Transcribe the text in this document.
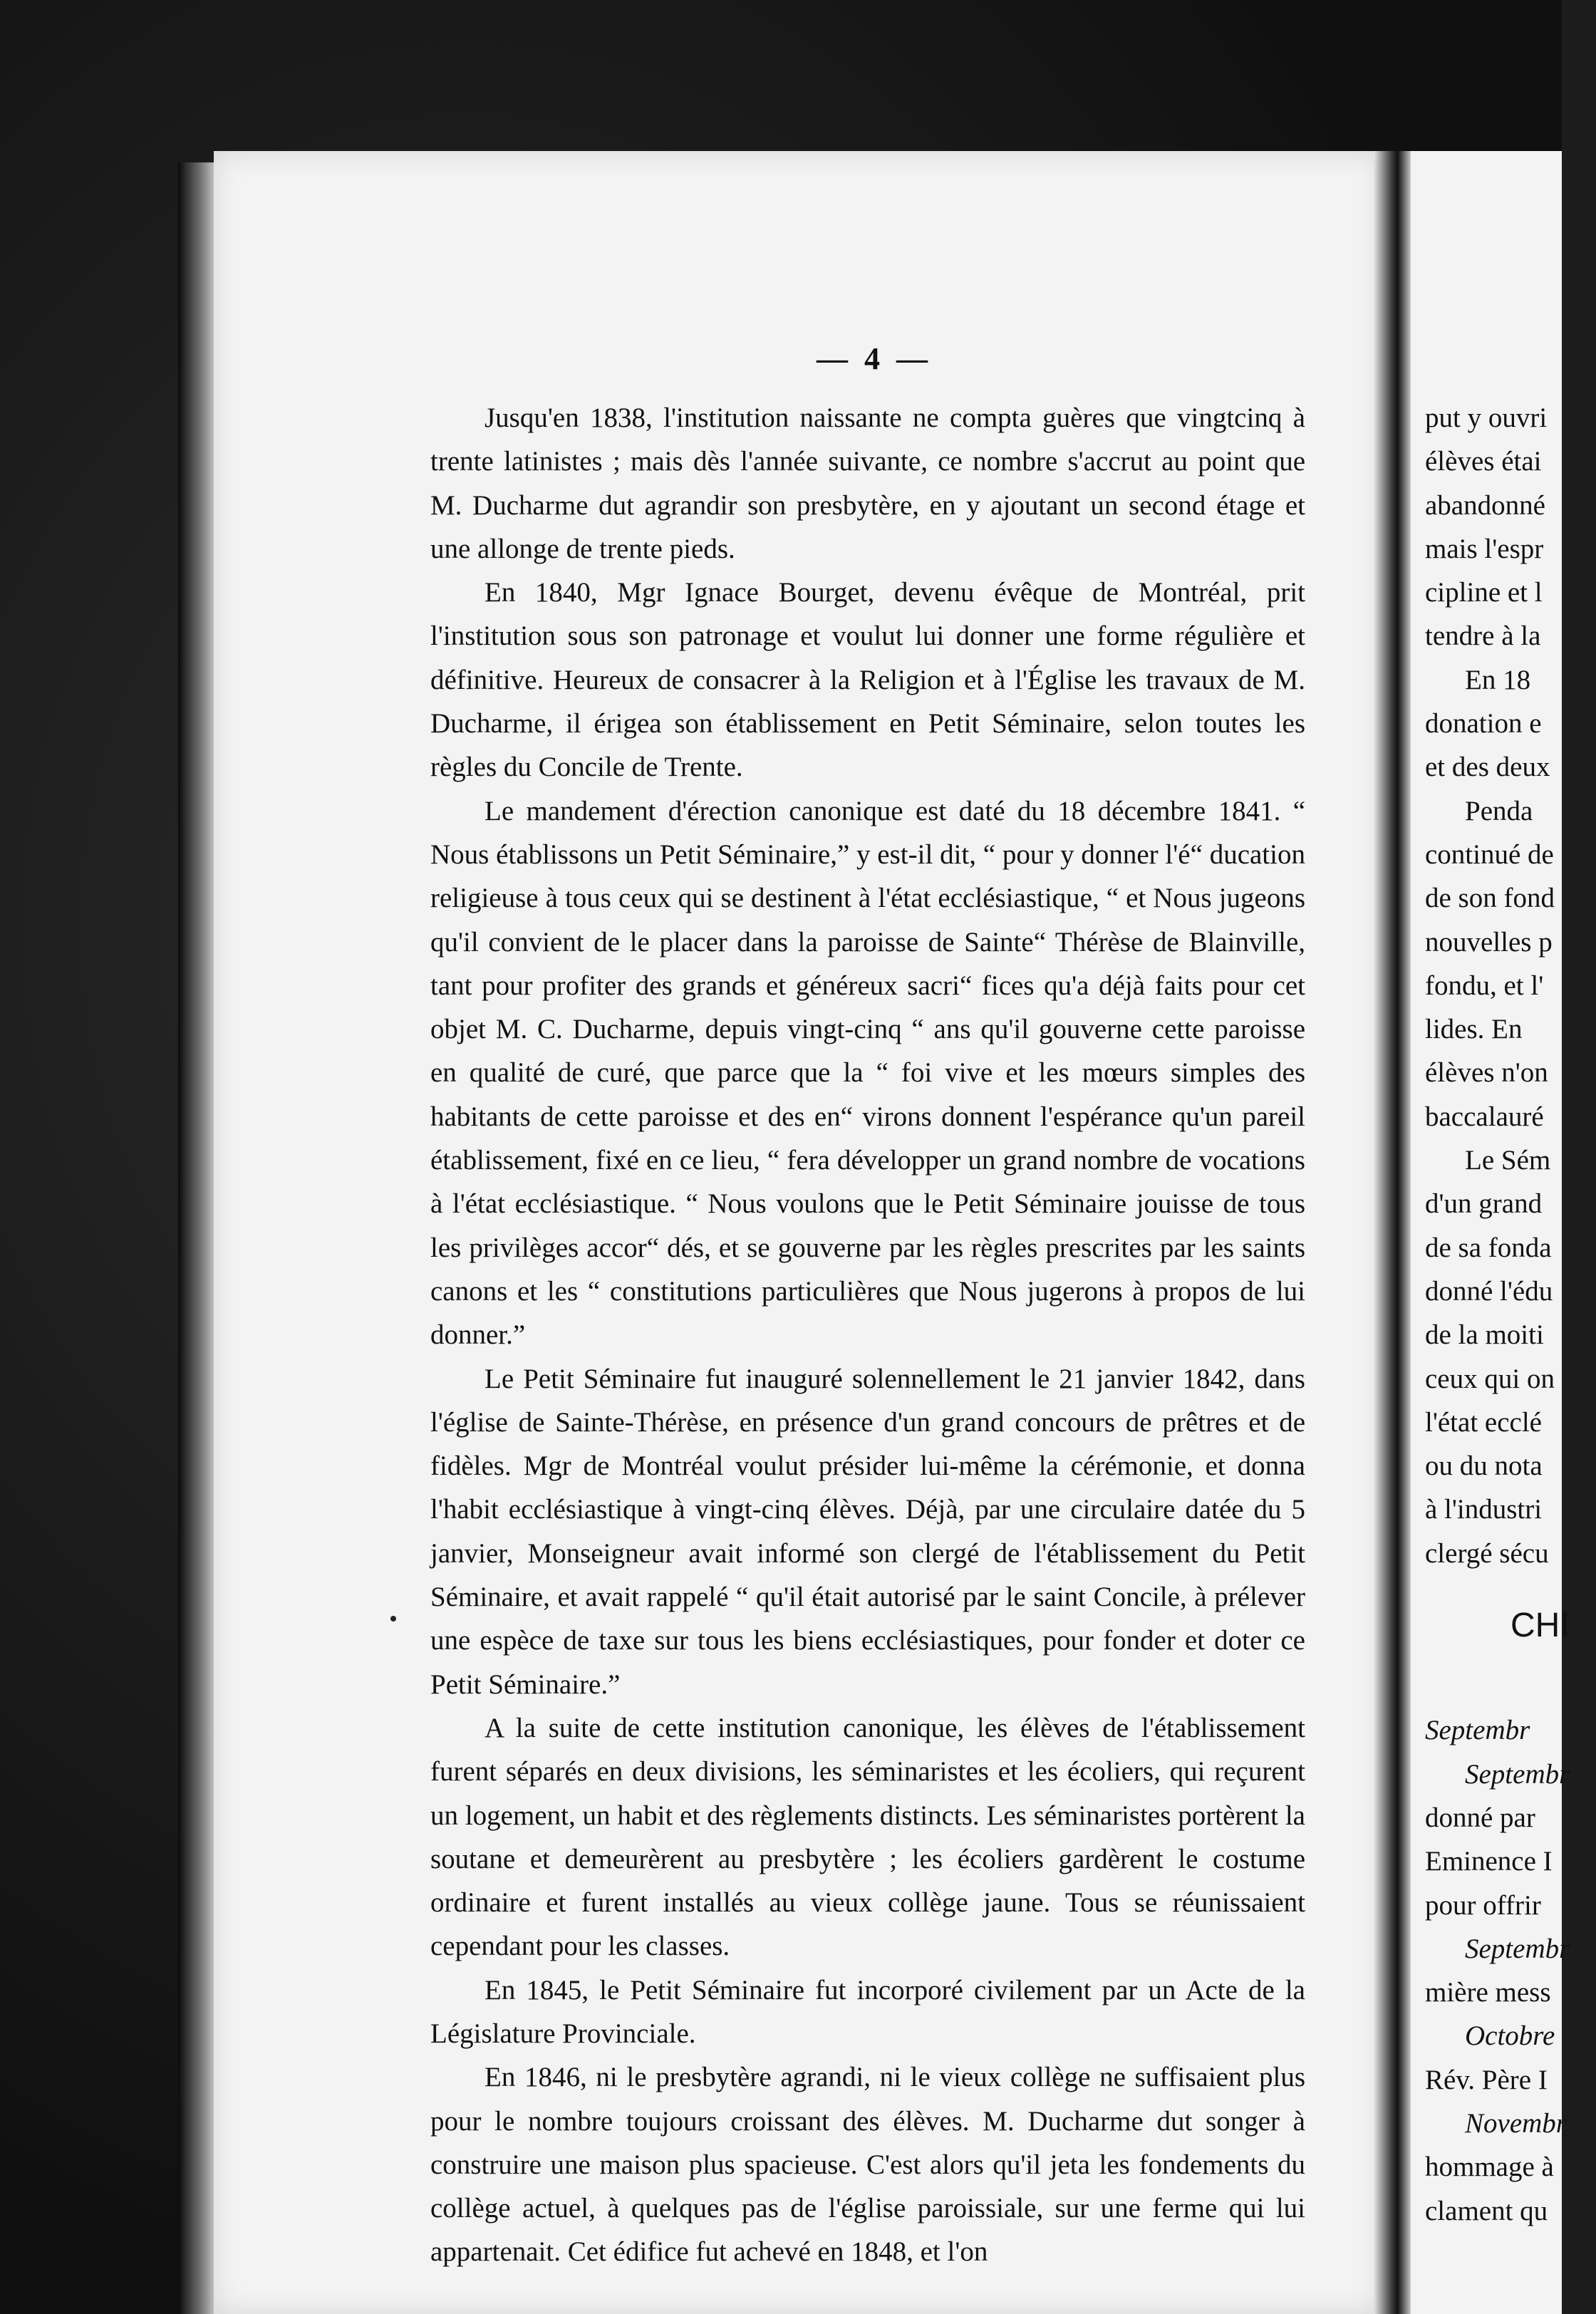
— 4 —

Jusqu'en 1838, l'institution naissante ne compta guères que vingtcinq à trente latinistes ; mais dès l'année suivante, ce nombre s'accrut au point que M. Ducharme dut agrandir son presbytère, en y ajoutant un second étage et une allonge de trente pieds.

En 1840, Mgr Ignace Bourget, devenu évêque de Montréal, prit l'institution sous son patronage et voulut lui donner une forme régulière et définitive. Heureux de consacrer à la Religion et à l'Église les travaux de M. Ducharme, il érigea son établissement en Petit Séminaire, selon toutes les règles du Concile de Trente.

Le mandement d'érection canonique est daté du 18 décembre 1841. “ Nous établissons un Petit Séminaire,” y est-il dit, “ pour y donner l'é“ ducation religieuse à tous ceux qui se destinent à l'état ecclésiastique, “ et Nous jugeons qu'il convient de le placer dans la paroisse de Sainte“ Thérèse de Blainville, tant pour profiter des grands et généreux sacri“ fices qu'a déjà faits pour cet objet M. C. Ducharme, depuis vingt-cinq “ ans qu'il gouverne cette paroisse en qualité de curé, que parce que la “ foi vive et les mœurs simples des habitants de cette paroisse et des en“ virons donnent l'espérance qu'un pareil établissement, fixé en ce lieu, “ fera développer un grand nombre de vocations à l'état ecclésiastique. “ Nous voulons que le Petit Séminaire jouisse de tous les privilèges accor“ dés, et se gouverne par les règles prescrites par les saints canons et les “ constitutions particulières que Nous jugerons à propos de lui donner.”

Le Petit Séminaire fut inauguré solennellement le 21 janvier 1842, dans l'église de Sainte-Thérèse, en présence d'un grand concours de prêtres et de fidèles. Mgr de Montréal voulut présider lui-même la cérémonie, et donna l'habit ecclésiastique à vingt-cinq élèves. Déjà, par une circulaire datée du 5 janvier, Monseigneur avait informé son clergé de l'établissement du Petit Séminaire, et avait rappelé “ qu'il était autorisé par le saint Concile, à prélever une espèce de taxe sur tous les biens ecclésiastiques, pour fonder et doter ce Petit Séminaire.”

A la suite de cette institution canonique, les élèves de l'établissement furent séparés en deux divisions, les séminaristes et les écoliers, qui reçurent un logement, un habit et des règlements distincts. Les séminaristes portèrent la soutane et demeurèrent au presbytère ; les écoliers gardèrent le costume ordinaire et furent installés au vieux collège jaune. Tous se réunissaient cependant pour les classes.

En 1845, le Petit Séminaire fut incorporé civilement par un Acte de la Législature Provinciale.

En 1846, ni le presbytère agrandi, ni le vieux collège ne suffisaient plus pour le nombre toujours croissant des élèves. M. Ducharme dut songer à construire une maison plus spacieuse. C'est alors qu'il jeta les fondements du collège actuel, à quelques pas de l'église paroissiale, sur une ferme qui lui appartenait. Cet édifice fut achevé en 1848, et l'on

put y ouvri
élèves étai
abandonné
mais l'espr
cipline et l
tendre à la
En 18
donation e
et des deux
Penda
continué de
de son fond
nouvelles p
fondu, et l'
lides. En
élèves n'on
baccalauré
Le Sém
d'un grand
de sa fonda
donné l'édu
de la moiti
ceux qui on
l'état ecclé
ou du nota
à l'industri
clergé sécu
CHI
Septembr
Septembr
donné par
Eminence I
pour offrir
Septembr
mière mess
Octobre
Rév. Père I
Novembr
hommage à
clament qu
